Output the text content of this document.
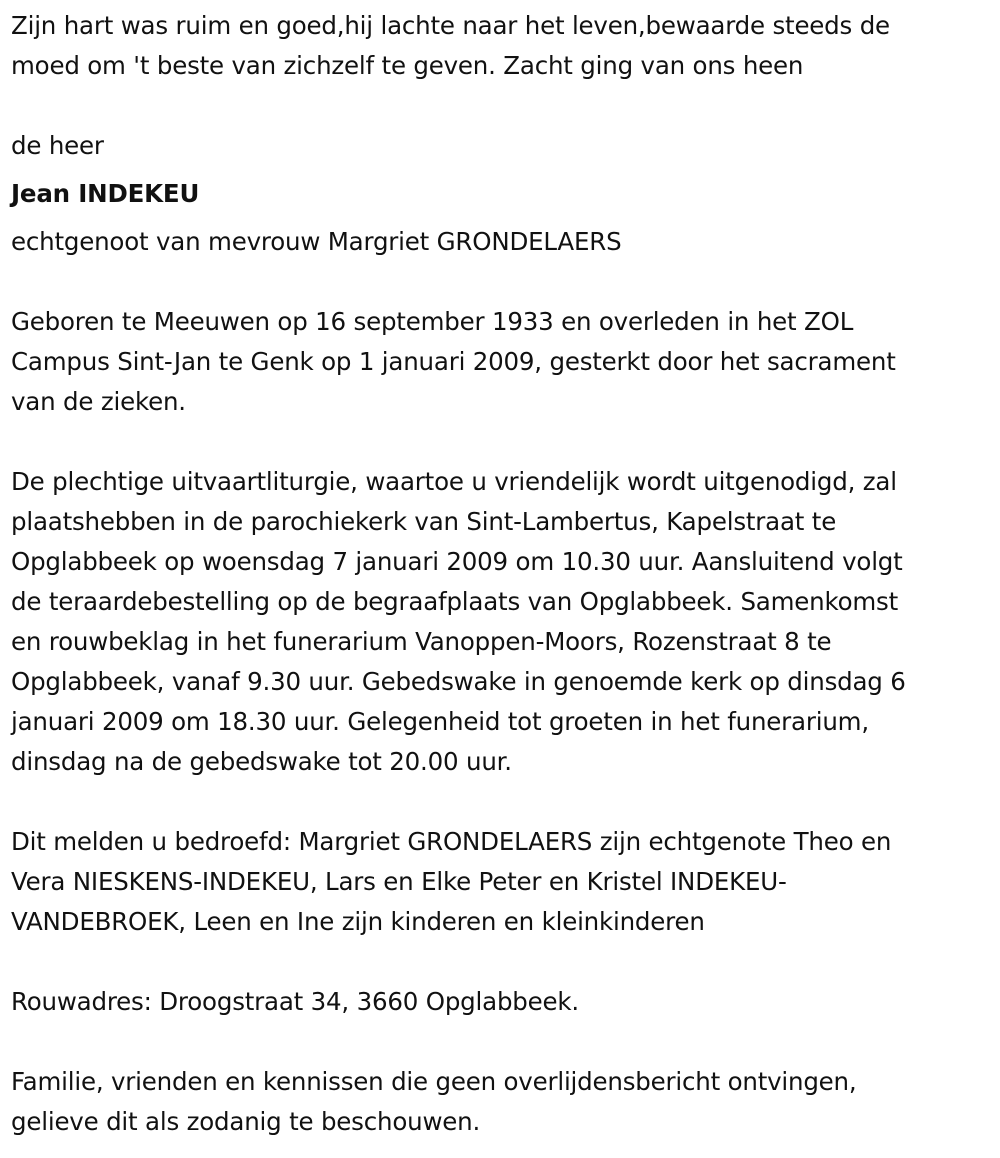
Zijn hart was ruim en goed,hij lachte naar het leven,bewaarde steeds de
moed om 't beste van zichzelf te geven. Zacht ging van ons heen

de heer

Jean INDEKEU

echtgenoot van mevrouw Margriet GRONDELAERS

Geboren te Meeuwen op 16 september 1933 en overleden in het ZOL
Campus Sint-Jan te Genk op 1 januari 2009, gesterkt door het sacrament
van de zieken.

De plechtige uitvaartliturgie, waartoe u vriendelijk wordt uitgenodigd, zal
plaatshebben in de parochiekerk van Sint-Lambertus, Kapelstraat te
Opglabbeek op woensdag 7 januari 2009 om 10.30 uur. Aansluitend volgt
de teraardebestelling op de begraafplaats van Opglabbeek. Samenkomst
en rouwbeklag in het funerarium Vanoppen-Moors, Rozenstraat 8 te
Opglabbeek, vanaf 9.30 uur. Gebedswake in genoemde kerk op dinsdag 6
januari 2009 om 18.30 uur. Gelegenheid tot groeten in het funerarium,
dinsdag na de gebedswake tot 20.00 uur.

Dit melden u bedroefd: Margriet GRONDELAERS zijn echtgenote Theo en
Vera NIESKENS-INDEKEU, Lars en Elke Peter en Kristel INDEKEU-
VANDEBROEK, Leen en Ine zijn kinderen en kleinkinderen

Rouwadres: Droogstraat 34, 3660 Opglabbeek.

Familie, vrienden en kennissen die geen overlijdensbericht ontvingen,
gelieve dit als zodanig te beschouwen.
